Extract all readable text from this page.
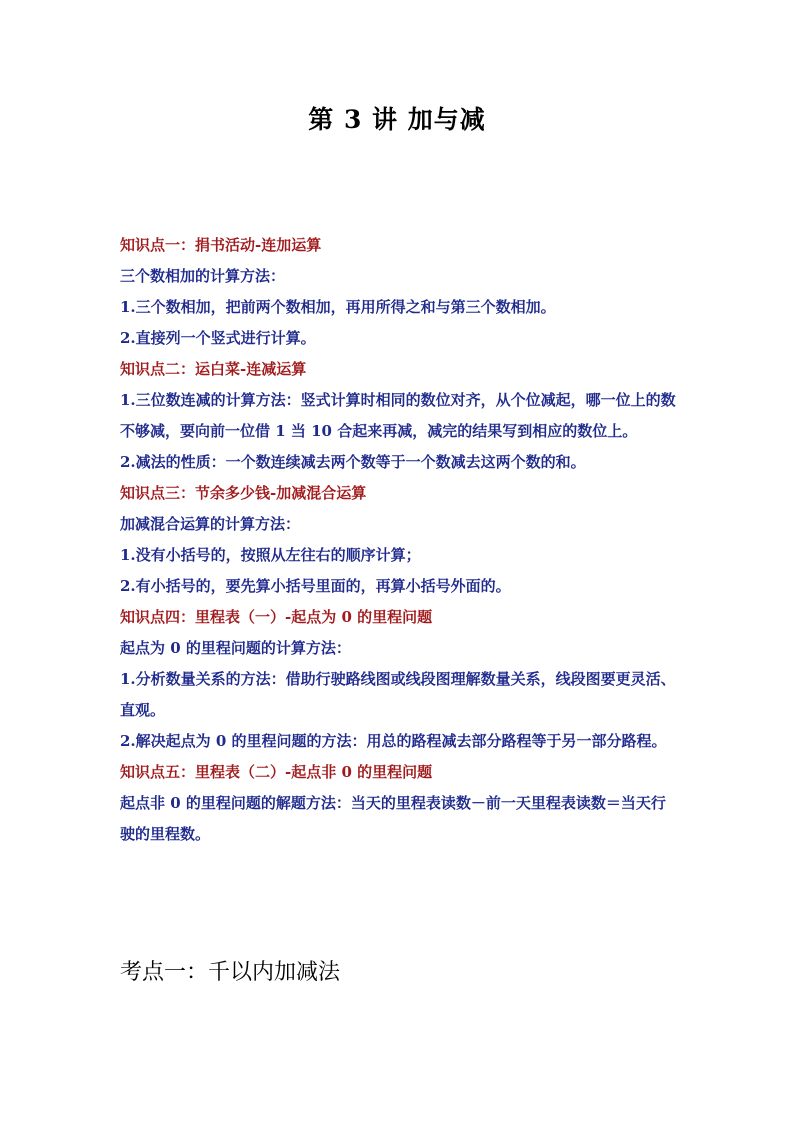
第 3 讲 加与减
知识点一：捐书活动-连加运算
三个数相加的计算方法：
1.三个数相加，把前两个数相加，再用所得之和与第三个数相加。
2.直接列一个竖式进行计算。
知识点二：运白菜-连减运算
1.三位数连减的计算方法：竖式计算时相同的数位对齐，从个位减起，哪一位上的数不够减，要向前一位借 1 当 10 合起来再减，减完的结果写到相应的数位上。
2.减法的性质：一个数连续减去两个数等于一个数减去这两个数的和。
知识点三：节余多少钱-加减混合运算
加减混合运算的计算方法：
1.没有小括号的，按照从左往右的顺序计算；
2.有小括号的，要先算小括号里面的，再算小括号外面的。
知识点四：里程表（一）-起点为 0 的里程问题
起点为 0 的里程问题的计算方法：
1.分析数量关系的方法：借助行驶路线图或线段图理解数量关系，线段图要更灵活、直观。
2.解决起点为 0 的里程问题的方法：用总的路程减去部分路程等于另一部分路程。
知识点五：里程表（二）-起点非 0 的里程问题
起点非 0 的里程问题的解题方法：当天的里程表读数－前一天里程表读数＝当天行驶的里程数。
考点一：千以内加减法
